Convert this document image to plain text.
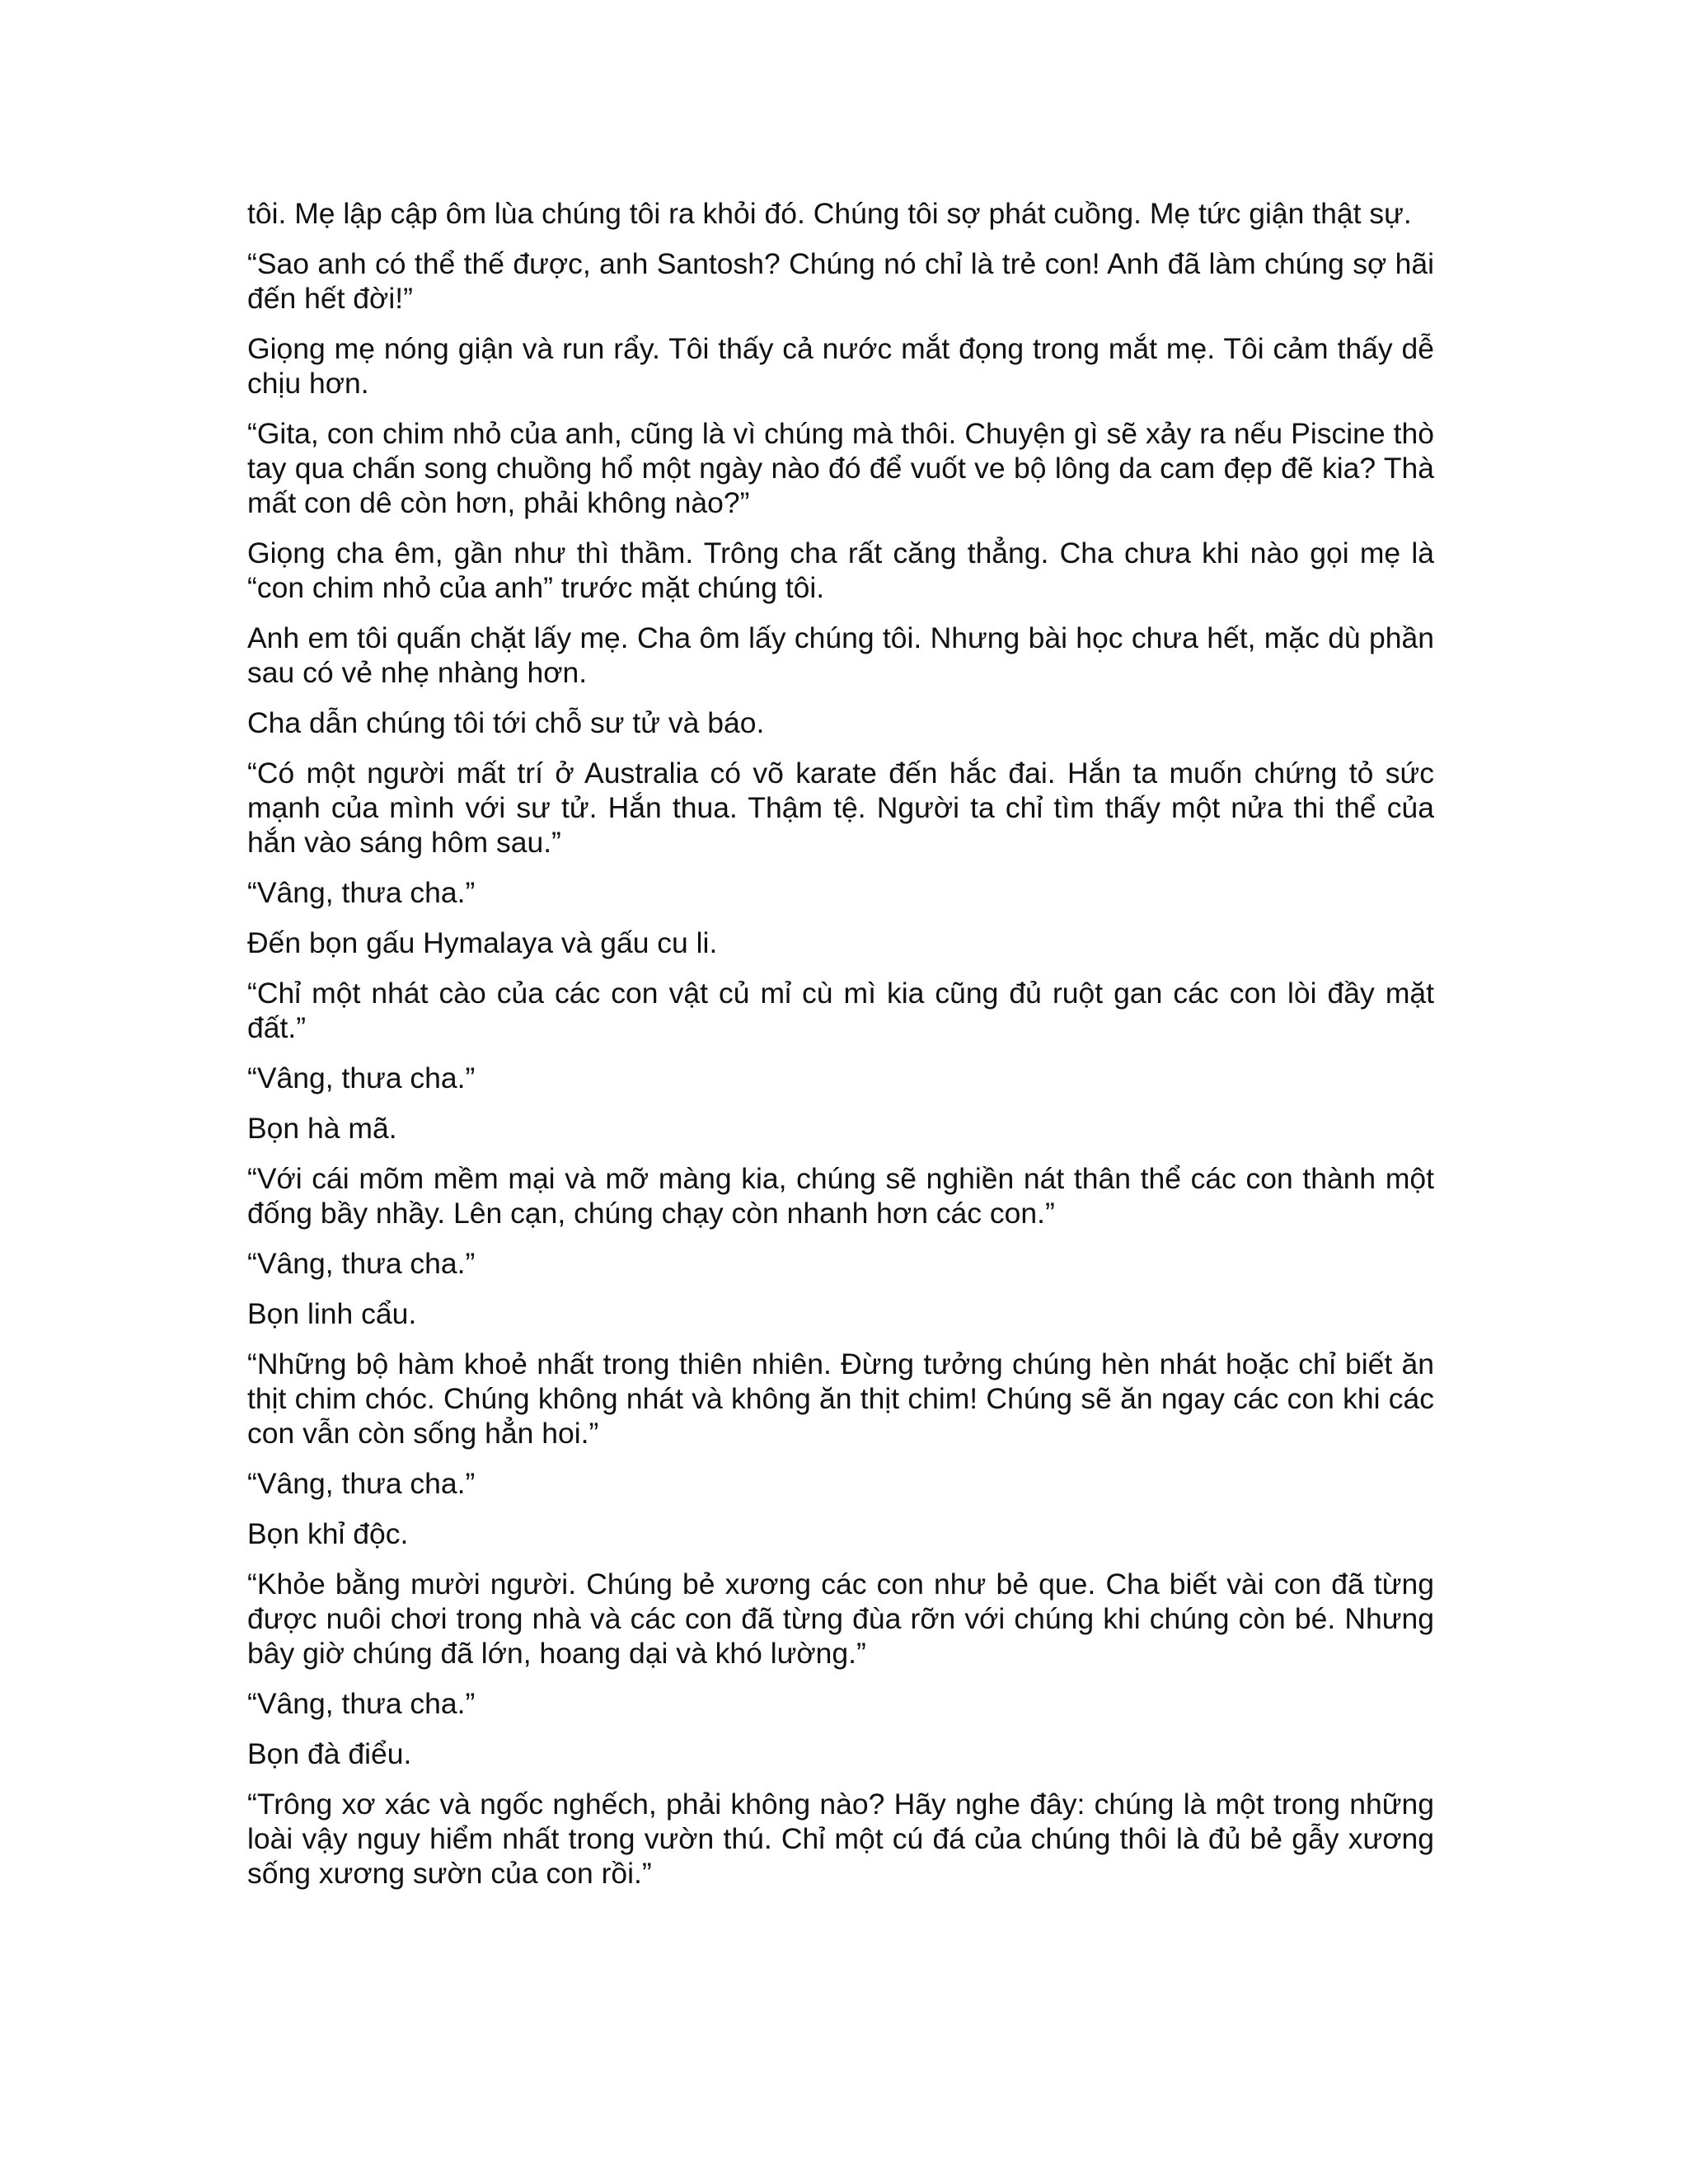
tôi. Mẹ lập cập ôm lùa chúng tôi ra khỏi đó. Chúng tôi sợ phát cuồng. Mẹ tức giận thật sự.

“Sao anh có thể thế được, anh Santosh? Chúng nó chỉ là trẻ con! Anh đã làm chúng sợ hãi đến hết đời!”

Giọng mẹ nóng giận và run rẩy. Tôi thấy cả nước mắt đọng trong mắt mẹ. Tôi cảm thấy dễ chịu hơn.

“Gita, con chim nhỏ của anh, cũng là vì chúng mà thôi. Chuyện gì sẽ xảy ra nếu Piscine thò tay qua chấn song chuồng hổ một ngày nào đó để vuốt ve bộ lông da cam đẹp đẽ kia? Thà mất con dê còn hơn, phải không nào?”

Giọng cha êm, gần như thì thầm. Trông cha rất căng thẳng. Cha chưa khi nào gọi mẹ là “con chim nhỏ của anh” trước mặt chúng tôi.

Anh em tôi quấn chặt lấy mẹ. Cha ôm lấy chúng tôi. Nhưng bài học chưa hết, mặc dù phần sau có vẻ nhẹ nhàng hơn.

Cha dẫn chúng tôi tới chỗ sư tử và báo.

“Có một người mất trí ở Australia có võ karate đến hắc đai. Hắn ta muốn chứng tỏ sức mạnh của mình với sư tử. Hắn thua. Thậm tệ. Người ta chỉ tìm thấy một nửa thi thể của hắn vào sáng hôm sau.”

“Vâng, thưa cha.”

Đến bọn gấu Hymalaya và gấu cu li.

“Chỉ một nhát cào của các con vật củ mỉ cù mì kia cũng đủ ruột gan các con lòi đầy mặt đất.”

“Vâng, thưa cha.”

Bọn hà mã.

“Với cái mõm mềm mại và mỡ màng kia, chúng sẽ nghiền nát thân thể các con thành một đống bầy nhầy. Lên cạn, chúng chạy còn nhanh hơn các con.”

“Vâng, thưa cha.”

Bọn linh cẩu.

“Những bộ hàm khoẻ nhất trong thiên nhiên. Đừng tưởng chúng hèn nhát hoặc chỉ biết ăn thịt chim chóc. Chúng không nhát và không ăn thịt chim! Chúng sẽ ăn ngay các con khi các con vẫn còn sống hẳn hoi.”

“Vâng, thưa cha.”

Bọn khỉ độc.

“Khỏe bằng mười người. Chúng bẻ xương các con như bẻ que. Cha biết vài con đã từng được nuôi chơi trong nhà và các con đã từng đùa rỡn với chúng khi chúng còn bé. Nhưng bây giờ chúng đã lớn, hoang dại và khó lường.”

“Vâng, thưa cha.”

Bọn đà điểu.

“Trông xơ xác và ngốc nghếch, phải không nào? Hãy nghe đây: chúng là một trong những loài vậy nguy hiểm nhất trong vườn thú. Chỉ một cú đá của chúng thôi là đủ bẻ gẫy xương sống xương sườn của con rồi.”
